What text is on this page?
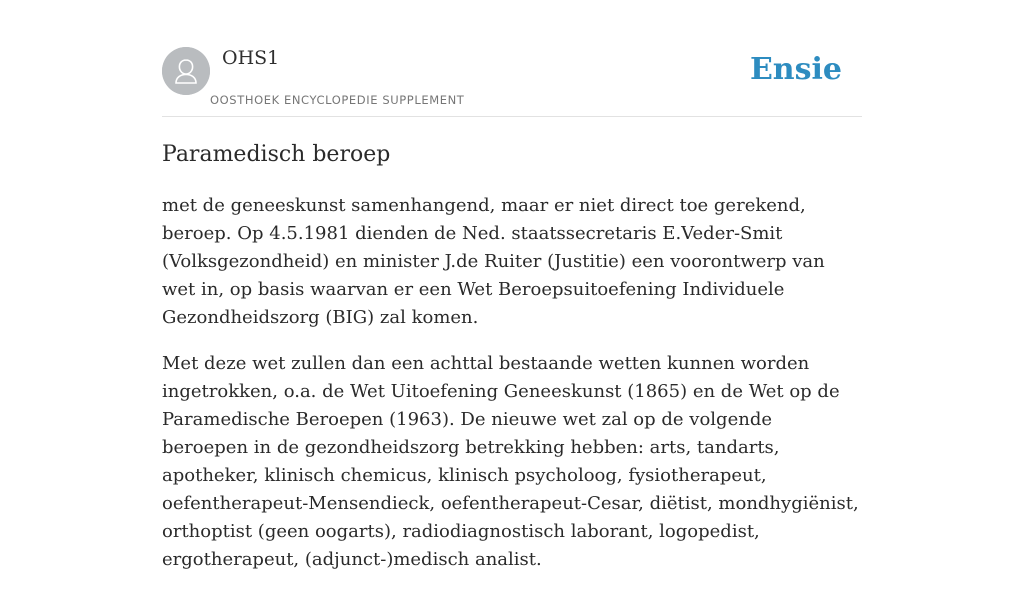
OHS1
OOSTHOEK ENCYCLOPEDIE SUPPLEMENT
Ensie
Paramedisch beroep

met de geneeskunst samenhangend, maar er niet direct toe gerekend, beroep. Op 4.5.1981 dienden de Ned. staatssecretaris E.Veder-Smit (Volksgezondheid) en minister J.de Ruiter (Justitie) een voorontwerp van wet in, op basis waarvan er een Wet Beroepsuitoefening Individuele Gezondheidszorg (BIG) zal komen.

Met deze wet zullen dan een achttal bestaande wetten kunnen worden ingetrokken, o.a. de Wet Uitoefening Geneeskunst (1865) en de Wet op de Paramedische Beroepen (1963). De nieuwe wet zal op de volgende beroepen in de gezondheidszorg betrekking hebben: arts, tandarts, apotheker, klinisch chemicus, klinisch psycholoog, fysiotherapeut, oefentherapeut-Mensendieck, oefentherapeut-Cesar, diëtist, mondhygiënist, orthoptist (geen oogarts), radiodiagnostisch laborant, logopedist, ergotherapeut, (adjunct-)medisch analist.
